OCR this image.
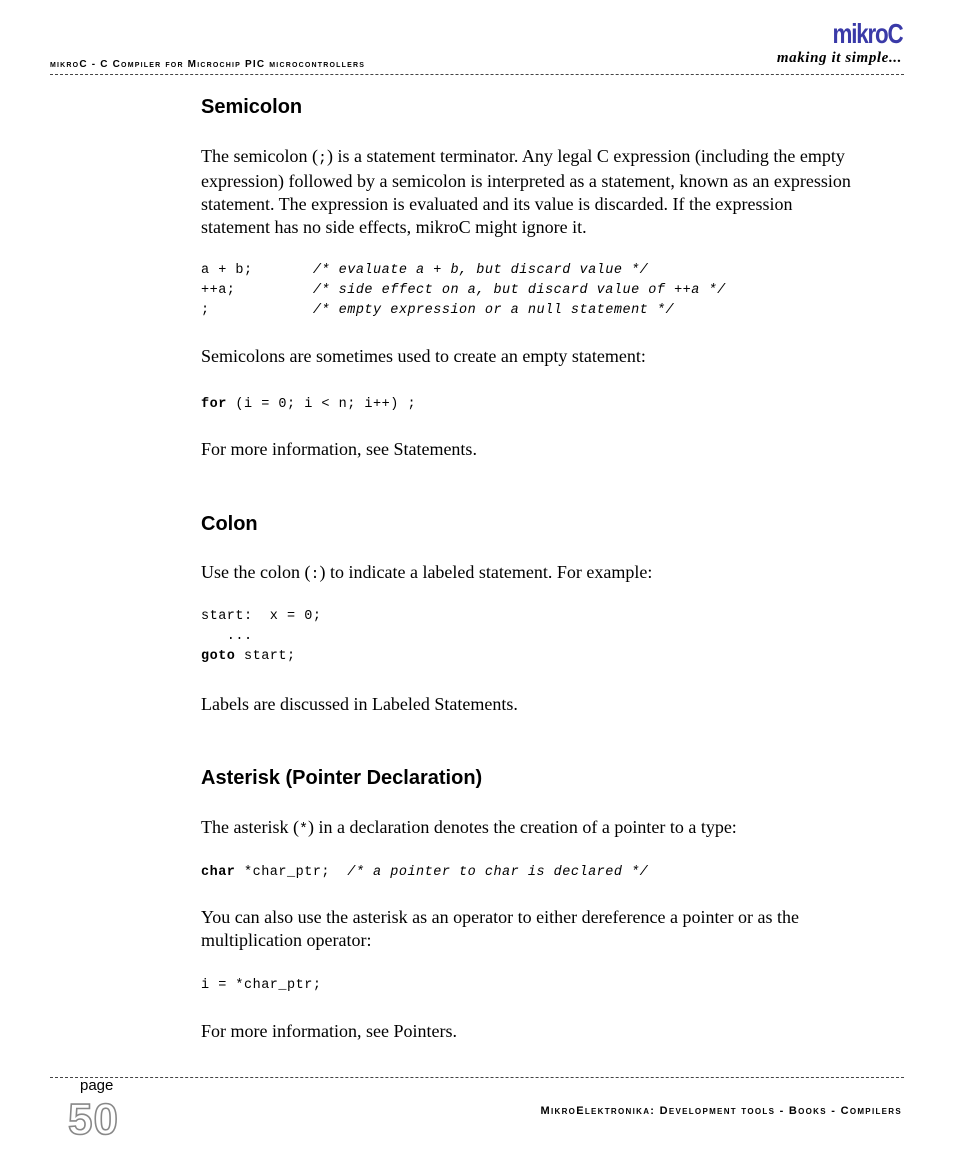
mikroC - C Compiler for Microchip PIC microcontrollers
mikroC
making it simple...
Semicolon
The semicolon (;) is a statement terminator. Any legal C expression (including the empty expression) followed by a semicolon is interpreted as a statement, known as an expression statement. The expression is evaluated and its value is discarded. If the expression statement has no side effects, mikroC might ignore it.
a + b;       /* evaluate a + b, but discard value */
++a;         /* side effect on a, but discard value of ++a */
;            /* empty expression or a null statement */
Semicolons are sometimes used to create an empty statement:
for (i = 0; i < n; i++) ;
For more information, see Statements.
Colon
Use the colon (:) to indicate a labeled statement. For example:
start:  x = 0;
...
goto start;
Labels are discussed in Labeled Statements.
Asterisk (Pointer Declaration)
The asterisk (*) in a declaration denotes the creation of a pointer to a type:
char *char_ptr;  /* a pointer to char is declared */
You can also use the asterisk as an operator to either dereference a pointer or as the multiplication operator:
i = *char_ptr;
For more information, see Pointers.
page
50	MikroElektronika: Development tools - Books - Compilers
